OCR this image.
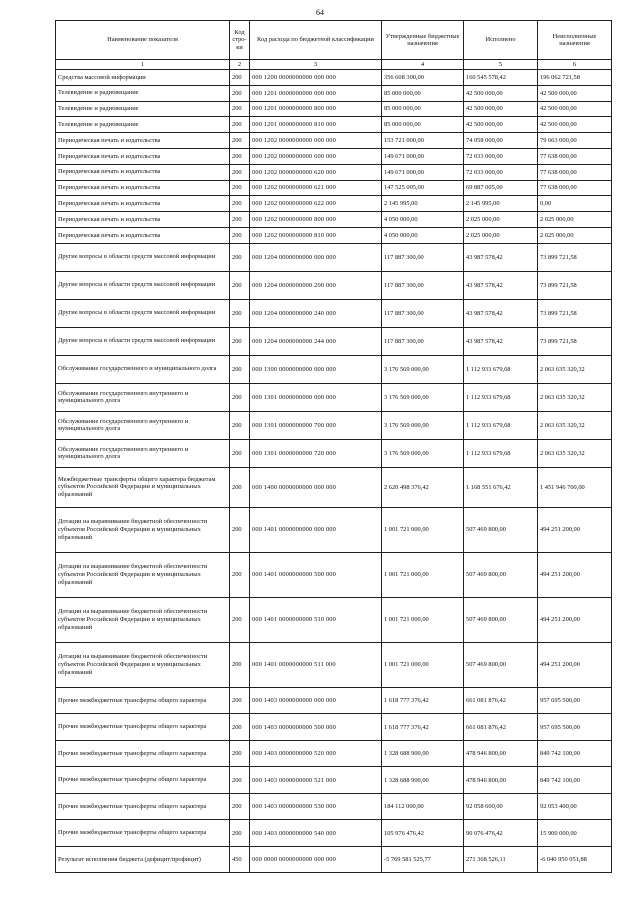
64
Наименование показателя	Код стро- ки	Код расхода по бюджетной классификации	Утвержденные бюджетные назначения	Исполнено	Неисполненные назначения
1	2	3	4	5	6
Средства массовой информации	200	000 1200 0000000000 000 000	356 608 300,00	160 545 578,42	196 062 721,58
Телевидение и радиовещание	200	000 1201 0000000000 000 000	85 000 000,00	42 500 000,00	42 500 000,00
Телевидение и радиовещание	200	000 1201 0000000000 800 000	85 000 000,00	42 500 000,00	42 500 000,00
Телевидение и радиовещание	200	000 1201 0000000000 810 000	85 000 000,00	42 500 000,00	42 500 000,00
Периодическая печать и издательства	200	000 1202 0000000000 000 000	153 721 000,00	74 058 000,00	79 663 000,00
Периодическая печать и издательства	200	000 1202 0000000000 600 000	149 671 000,00	72 033 000,00	77 638 000,00
Периодическая печать и издательства	200	000 1202 0000000000 620 000	149 671 000,00	72 033 000,00	77 638 000,00
Периодическая печать и издательства	200	000 1202 0000000000 621 000	147 525 005,00	69 887 005,00	77 638 000,00
Периодическая печать и издательства	200	000 1202 0000000000 622 000	2 145 995,00	2 145 995,00	0,00
Периодическая печать и издательства	200	000 1202 0000000000 800 000	4 050 000,00	2 025 000,00	2 025 000,00
Периодическая печать и издательства	200	000 1202 0000000000 810 000	4 050 000,00	2 025 000,00	2 025 000,00
Другие вопросы в области средств массовой информации	200	000 1204 0000000000 000 000	117 887 300,00	43 987 578,42	73 899 721,58
Другие вопросы в области средств массовой информации	200	000 1204 0000000000 200 000	117 887 300,00	43 987 578,42	73 899 721,58
Другие вопросы в области средств массовой информации	200	000 1204 0000000000 240 000	117 887 300,00	43 987 578,42	73 899 721,58
Другие вопросы в области средств массовой информации	200	000 1204 0000000000 244 000	117 887 300,00	43 987 578,42	73 899 721,58
Обслуживание государственного и муниципального долга	200	000 1300 0000000000 000 000	3 176 569 000,00	1 112 933 679,68	2 063 635 320,32
Обслуживание государственного внутреннего и муниципального долга	200	000 1301 0000000000 000 000	3 176 569 000,00	1 112 933 679,68	2 063 635 320,32
Обслуживание государственного внутреннего и муниципального долга	200	000 1301 0000000000 700 000	3 176 569 000,00	1 112 933 679,68	2 063 635 320,32
Обслуживание государственного внутреннего и муниципального долга	200	000 1301 0000000000 720 000	3 176 569 000,00	1 112 933 679,68	2 063 635 320,32
Межбюджетные трансферты общего характера бюджетам субъектов Российской Федерации и муниципальных образований	200	000 1400 0000000000 000 000	2 620 498 376,42	1 168 551 676,42	1 451 946 700,00
Дотации на выравнивание бюджетной обеспеченности субъектов Российской Федерации и муниципальных образований	200	000 1401 0000000000 000 000	1 001 721 000,00	507 469 800,00	494 251 200,00
Дотации на выравнивание бюджетной обеспеченности субъектов Российской Федерации и муниципальных образований	200	000 1401 0000000000 500 000	1 001 721 000,00	507 469 800,00	494 251 200,00
Дотации на выравнивание бюджетной обеспеченности субъектов Российской Федерации и муниципальных образований	200	000 1401 0000000000 510 000	1 001 721 000,00	507 469 800,00	494 251 200,00
Дотации на выравнивание бюджетной обеспеченности субъектов Российской Федерации и муниципальных образований	200	000 1401 0000000000 511 000	1 001 721 000,00	507 469 800,00	494 251 200,00
Прочие межбюджетные трансферты общего характера	200	000 1403 0000000000 000 000	1 618 777 376,42	661 081 876,42	957 695 500,00
Прочие межбюджетные трансферты общего характера	200	000 1403 0000000000 500 000	1 618 777 376,42	661 081 876,42	957 695 500,00
Прочие межбюджетные трансферты общего характера	200	000 1403 0000000000 520 000	1 328 688 900,00	478 946 800,00	849 742 100,00
Прочие межбюджетные трансферты общего характера	200	000 1403 0000000000 521 000	1 328 688 900,00	478 946 800,00	849 742 100,00
Прочие межбюджетные трансферты общего характера	200	000 1403 0000000000 530 000	184 112 000,00	92 058 600,00	92 053 400,00
Прочие межбюджетные трансферты общего характера	200	000 1403 0000000000 540 000	105 976 476,42	90 076 476,42	15 900 000,00
Результат исполнения бюджета (дефицит/профицит)	450	000 0000 0000000000 000 000	-5 769 581 525,77	271 368 526,11	-6 040 950 051,88
